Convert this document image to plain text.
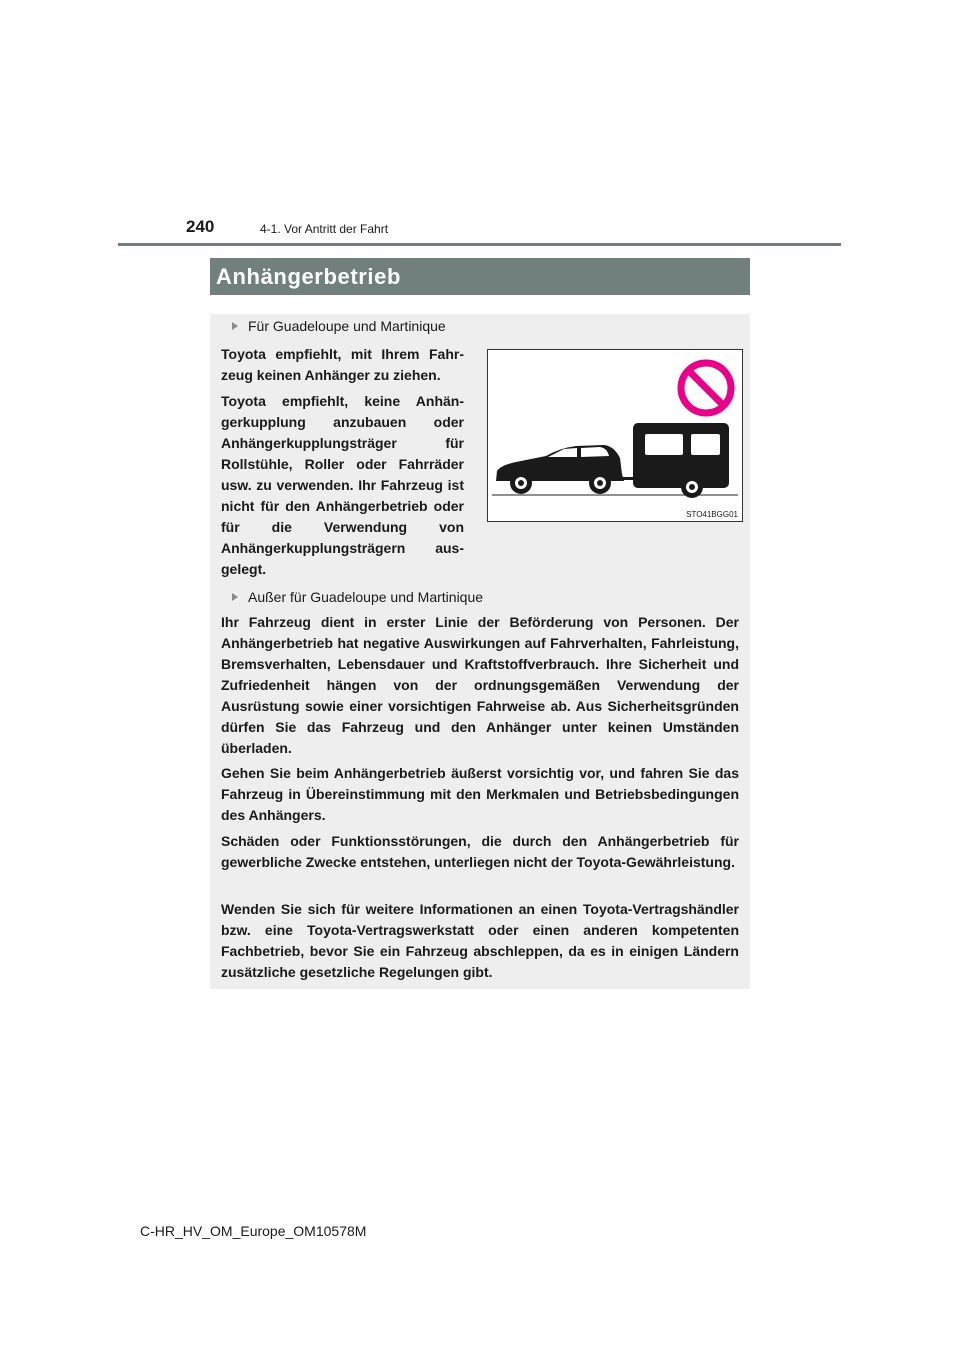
240	4-1. Vor Antritt der Fahrt
Anhängerbetrieb
Für Guadeloupe und Martinique

Toyota empfiehlt, mit Ihrem Fahrzeug keinen Anhänger zu ziehen.

Toyota empfiehlt, keine Anhängerkupplung anzubauen oder Anhängerkupplungsträger für Rollstühle, Roller oder Fahrräder usw. zu verwenden. Ihr Fahrzeug ist nicht für den Anhängerbetrieb oder für die Verwendung von Anhängerkupplungsträgern ausgelegt.

STO41BGG01
Außer für Guadeloupe und Martinique

Ihr Fahrzeug dient in erster Linie der Beförderung von Personen. Der Anhängerbetrieb hat negative Auswirkungen auf Fahrverhalten, Fahrleistung, Bremsverhalten, Lebensdauer und Kraftstoffverbrauch. Ihre Sicherheit und Zufriedenheit hängen von der ordnungsgemäßen Verwendung der Ausrüstung sowie einer vorsichtigen Fahrweise ab. Aus Sicherheitsgründen dürfen Sie das Fahrzeug und den Anhänger unter keinen Umständen überladen.

Gehen Sie beim Anhängerbetrieb äußerst vorsichtig vor, und fahren Sie das Fahrzeug in Übereinstimmung mit den Merkmalen und Betriebsbedingungen des Anhängers.

Schäden oder Funktionsstörungen, die durch den Anhängerbetrieb für gewerbliche Zwecke entstehen, unterliegen nicht der Toyota-Gewährleistung.

Wenden Sie sich für weitere Informationen an einen Toyota-Vertragshändler bzw. eine Toyota-Vertragswerkstatt oder einen anderen kompetenten Fachbetrieb, bevor Sie ein Fahrzeug abschleppen, da es in einigen Ländern zusätzliche gesetzliche Regelungen gibt.

C-HR_HV_OM_Europe_OM10578M
